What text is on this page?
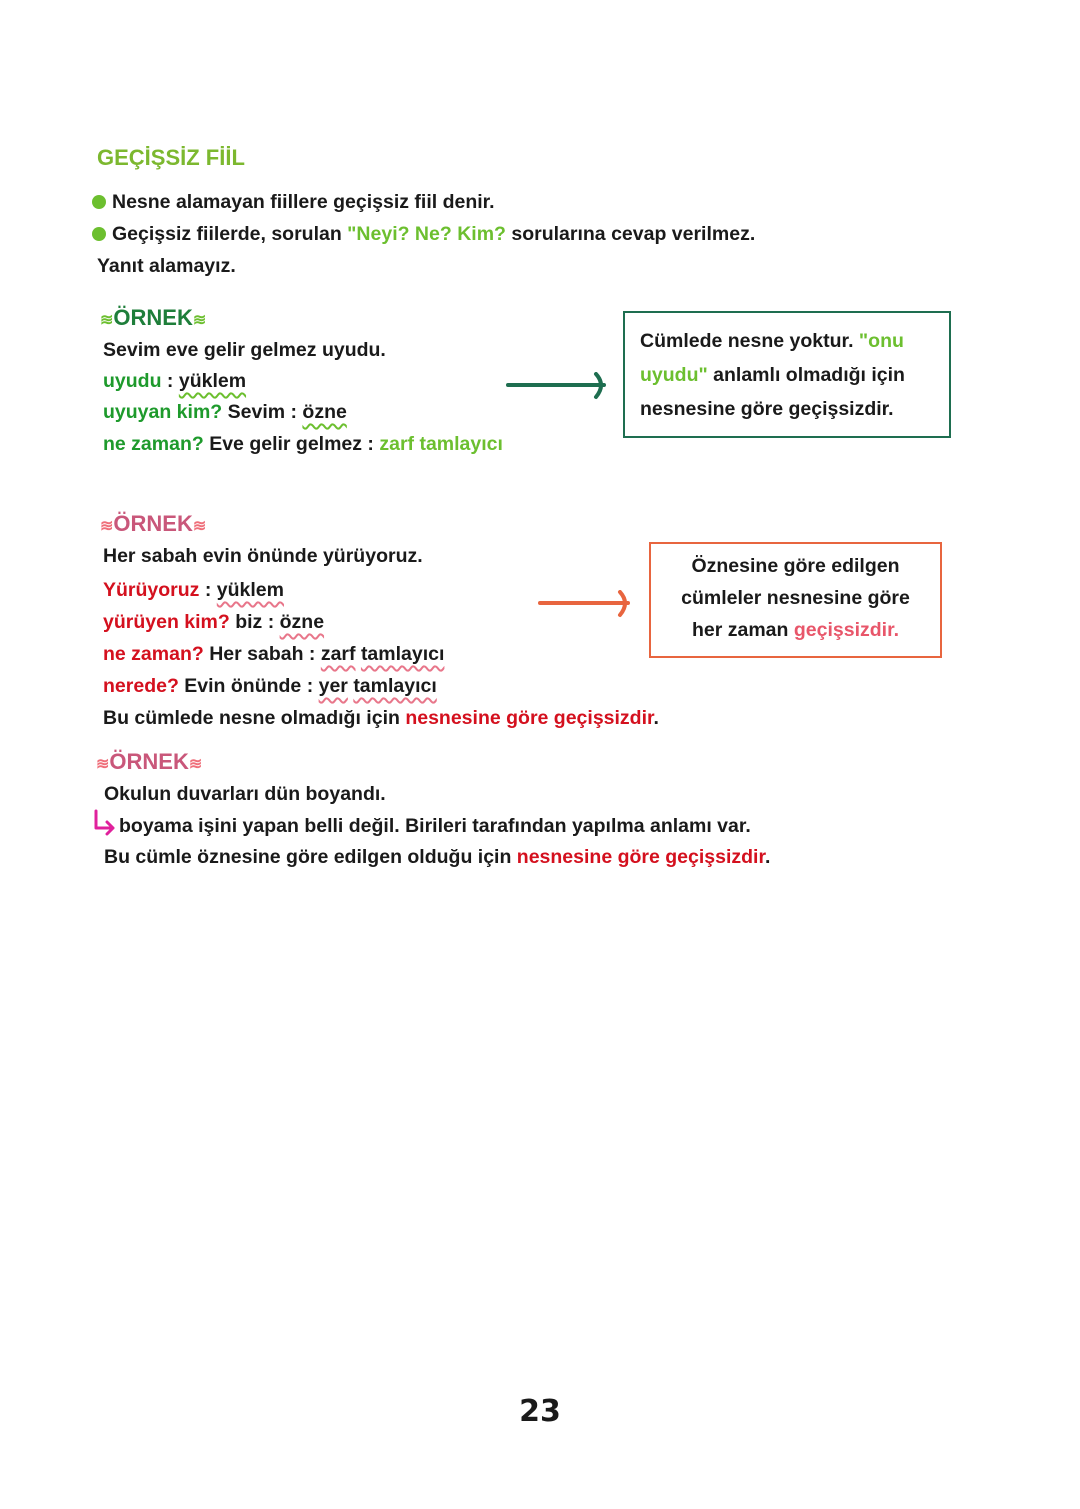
GEÇİŞSİZ FİİL
Nesne alamayan fiillere geçişsiz fiil denir.
Geçişsiz fiilerde, sorulan "Neyi? Ne? Kim? sorularına cevap verilmez.
Yanıt alamayız.
≋ÖRNEK≋
Sevim eve gelir gelmez uyudu.
uyudu : yüklem
uyuyan kim? Sevim : özne
ne zaman? Eve gelir gelmez : zarf tamlayıcı
Cümlede nesne yoktur. "onu
uyudu" anlamlı olmadığı için
nesnesine göre geçişsizdir.
≋ÖRNEK≋
Her sabah evin önünde yürüyoruz.
Yürüyoruz : yüklem
yürüyen kim? biz : özne
ne zaman? Her sabah : zarf tamlayıcı
nerede? Evin önünde : yer tamlayıcı
Bu cümlede nesne olmadığı için nesnesine göre geçişsizdir.
Öznesine göre edilgen
cümleler nesnesine göre
her zaman geçişsizdir.
≋ÖRNEK≋
Okulun duvarları dün boyandı.
boyama işini yapan belli değil. Birileri tarafından yapılma anlamı var.
Bu cümle öznesine göre edilgen olduğu için nesnesine göre geçişsizdir.
23
